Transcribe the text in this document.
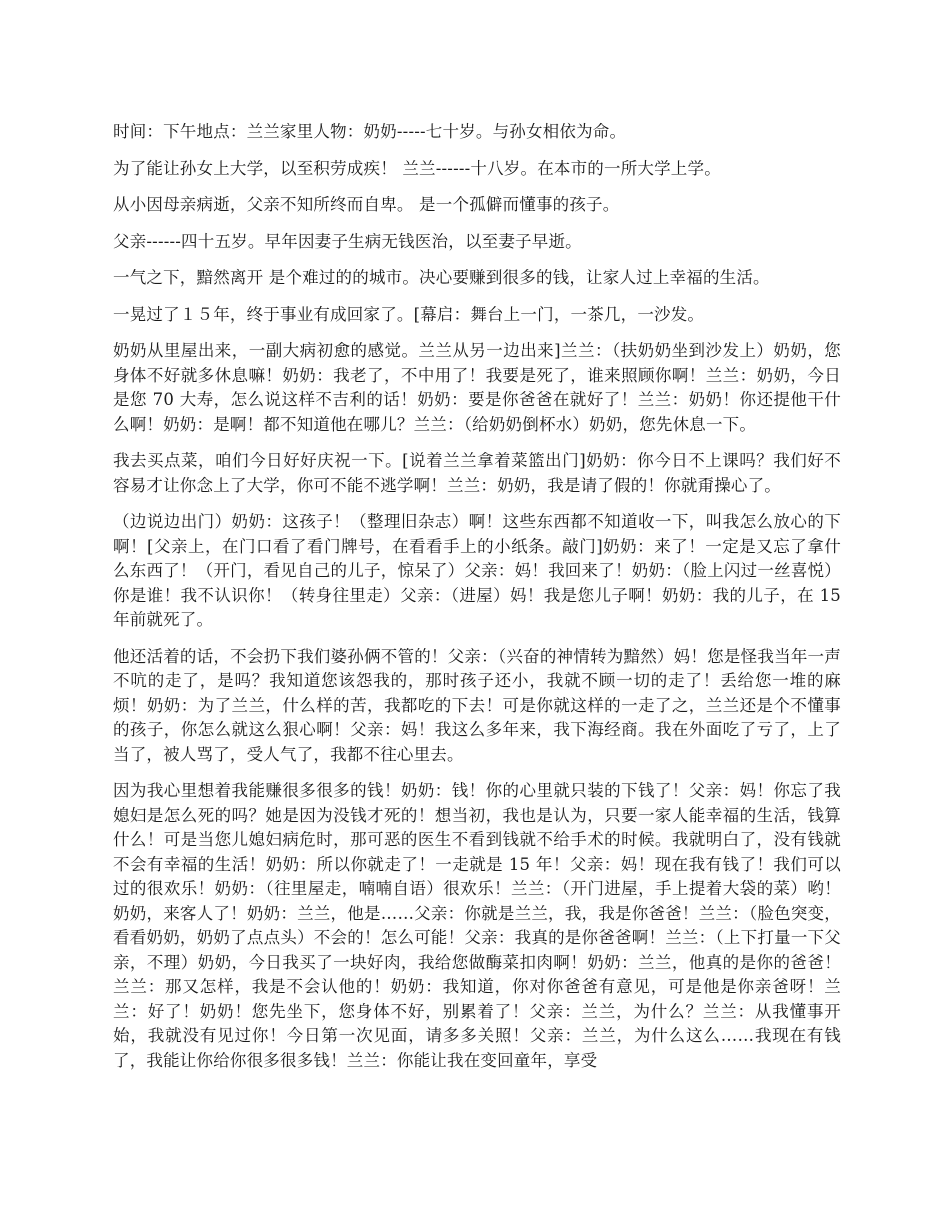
时间：下午地点：兰兰家里人物：奶奶-----七十岁。与孙女相依为命。

为了能让孙女上大学，以至积劳成疾！ 兰兰------十八岁。在本市的一所大学上学。

从小因母亲病逝，父亲不知所终而自卑。 是一个孤僻而懂事的孩子。

父亲------四十五岁。早年因妻子生病无钱医治，以至妻子早逝。

一气之下，黯然离开 是个难过的的城市。决心要赚到很多的钱，让家人过上幸福的生活。

一晃过了１５年，终于事业有成回家了。[幕启：舞台上一门，一茶几，一沙发。

奶奶从里屋出来，一副大病初愈的感觉。兰兰从另一边出来]兰兰：（扶奶奶坐到沙发上）奶奶，您身体不好就多休息嘛！奶奶：我老了，不中用了！我要是死了，谁来照顾你啊！兰兰：奶奶，今日是您 70 大寿，怎么说这样不吉利的话！奶奶：要是你爸爸在就好了！兰兰：奶奶！你还提他干什么啊！奶奶：是啊！都不知道他在哪儿？兰兰：（给奶奶倒杯水）奶奶，您先休息一下。

我去买点菜，咱们今日好好庆祝一下。[说着兰兰拿着菜篮出门]奶奶：你今日不上课吗？我们好不容易才让你念上了大学，你可不能不逃学啊！兰兰：奶奶，我是请了假的！你就甭操心了。

（边说边出门）奶奶：这孩子！（整理旧杂志）啊！这些东西都不知道收一下，叫我怎么放心的下啊！[父亲上，在门口看了看门牌号，在看看手上的小纸条。敲门]奶奶：来了！一定是又忘了拿什么东西了！（开门，看见自己的儿子，惊呆了）父亲：妈！我回来了！奶奶：（脸上闪过一丝喜悦）你是谁！我不认识你！（转身往里走）父亲：（进屋）妈！我是您儿子啊！奶奶：我的儿子，在 15 年前就死了。

他还活着的话，不会扔下我们婆孙俩不管的！父亲：（兴奋的神情转为黯然）妈！您是怪我当年一声不吭的走了，是吗？我知道您该怨我的，那时孩子还小，我就不顾一切的走了！丢给您一堆的麻烦！奶奶：为了兰兰，什么样的苦，我都吃的下去！可是你就这样的一走了之，兰兰还是个不懂事的孩子，你怎么就这么狠心啊！父亲：妈！我这么多年来，我下海经商。我在外面吃了亏了，上了当了，被人骂了，受人气了，我都不往心里去。

因为我心里想着我能赚很多很多的钱！奶奶：钱！你的心里就只装的下钱了！父亲：妈！你忘了我媳妇是怎么死的吗？她是因为没钱才死的！想当初，我也是认为，只要一家人能幸福的生活，钱算什么！可是当您儿媳妇病危时，那可恶的医生不看到钱就不给手术的时候。我就明白了，没有钱就不会有幸福的生活！奶奶：所以你就走了！一走就是 15 年！父亲：妈！现在我有钱了！我们可以过的很欢乐！奶奶：（往里屋走，喃喃自语）很欢乐！兰兰：（开门进屋，手上提着大袋的菜）哟！奶奶，来客人了！奶奶：兰兰，他是……父亲：你就是兰兰，我，我是你爸爸！兰兰：（脸色突变，看看奶奶，奶奶了点点头）不会的！怎么可能！父亲：我真的是你爸爸啊！兰兰：（上下打量一下父亲，不理）奶奶，今日我买了一块好肉，我给您做酶菜扣肉啊！奶奶：兰兰，他真的是你的爸爸！兰兰：那又怎样，我是不会认他的！奶奶：我知道，你对你爸爸有意见，可是他是你亲爸呀！兰兰：好了！奶奶！您先坐下，您身体不好，别累着了！父亲：兰兰，为什么？兰兰：从我懂事开始，我就没有见过你！今日第一次见面，请多多关照！父亲：兰兰，为什么这么……我现在有钱了，我能让你给你很多很多钱！兰兰：你能让我在变回童年，享受
